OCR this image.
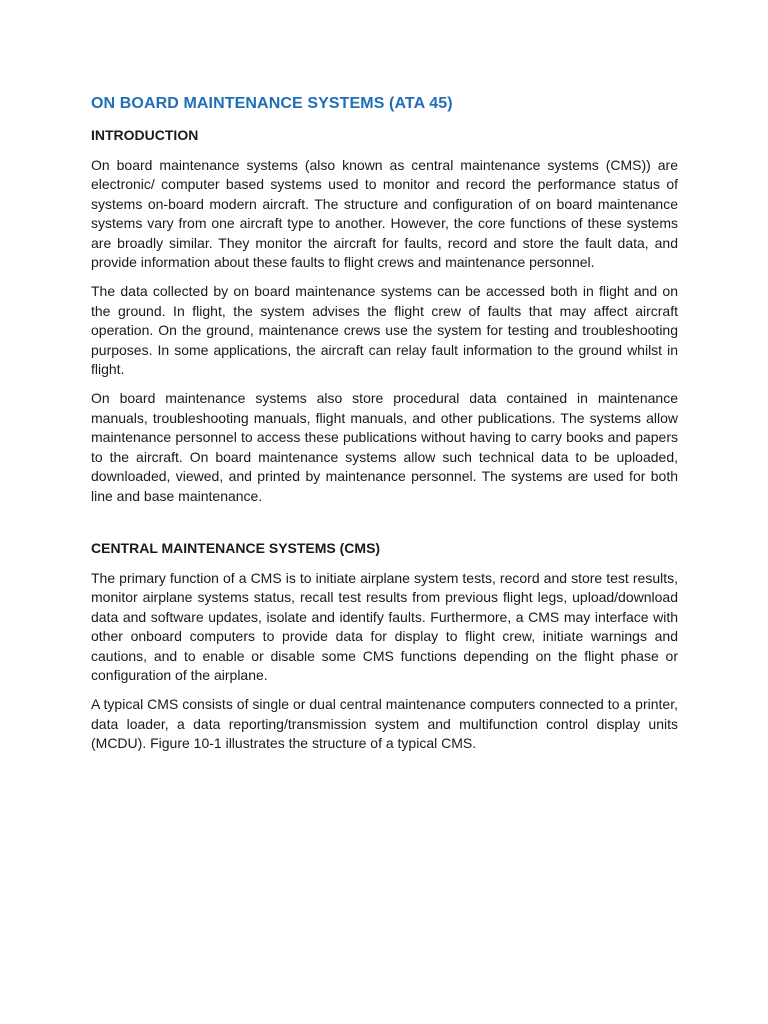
ON BOARD MAINTENANCE SYSTEMS (ATA 45)
INTRODUCTION

On board maintenance systems (also known as central maintenance systems (CMS)) are electronic/ computer based systems used to monitor and record the performance status of systems on-board modern aircraft. The structure and configuration of on board maintenance systems vary from one aircraft type to another. However, the core functions of these systems are broadly similar. They monitor the aircraft for faults, record and store the fault data, and provide information about these faults to flight crews and maintenance personnel.

The data collected by on board maintenance systems can be accessed both in flight and on the ground. In flight, the system advises the flight crew of faults that may affect aircraft operation. On the ground, maintenance crews use the system for testing and troubleshooting purposes. In some applications, the aircraft can relay fault information to the ground whilst in flight.

On board maintenance systems also store procedural data contained in maintenance manuals, troubleshooting manuals, flight manuals, and other publications. The systems allow maintenance personnel to access these publications without having to carry books and papers to the aircraft. On board maintenance systems allow such technical data to be uploaded, downloaded, viewed, and printed by maintenance personnel. The systems are used for both line and base maintenance.

CENTRAL MAINTENANCE SYSTEMS (CMS)

The primary function of a CMS is to initiate airplane system tests, record and store test results, monitor airplane systems status, recall test results from previous flight legs, upload/download data and software updates, isolate and identify faults. Furthermore, a CMS may interface with other onboard computers to provide data for display to flight crew, initiate warnings and cautions, and to enable or disable some CMS functions depending on the flight phase or configuration of the airplane.

A typical CMS consists of single or dual central maintenance computers connected to a printer, data loader, a data reporting/transmission system and multifunction control display units (MCDU). Figure 10-1 illustrates the structure of a typical CMS.
